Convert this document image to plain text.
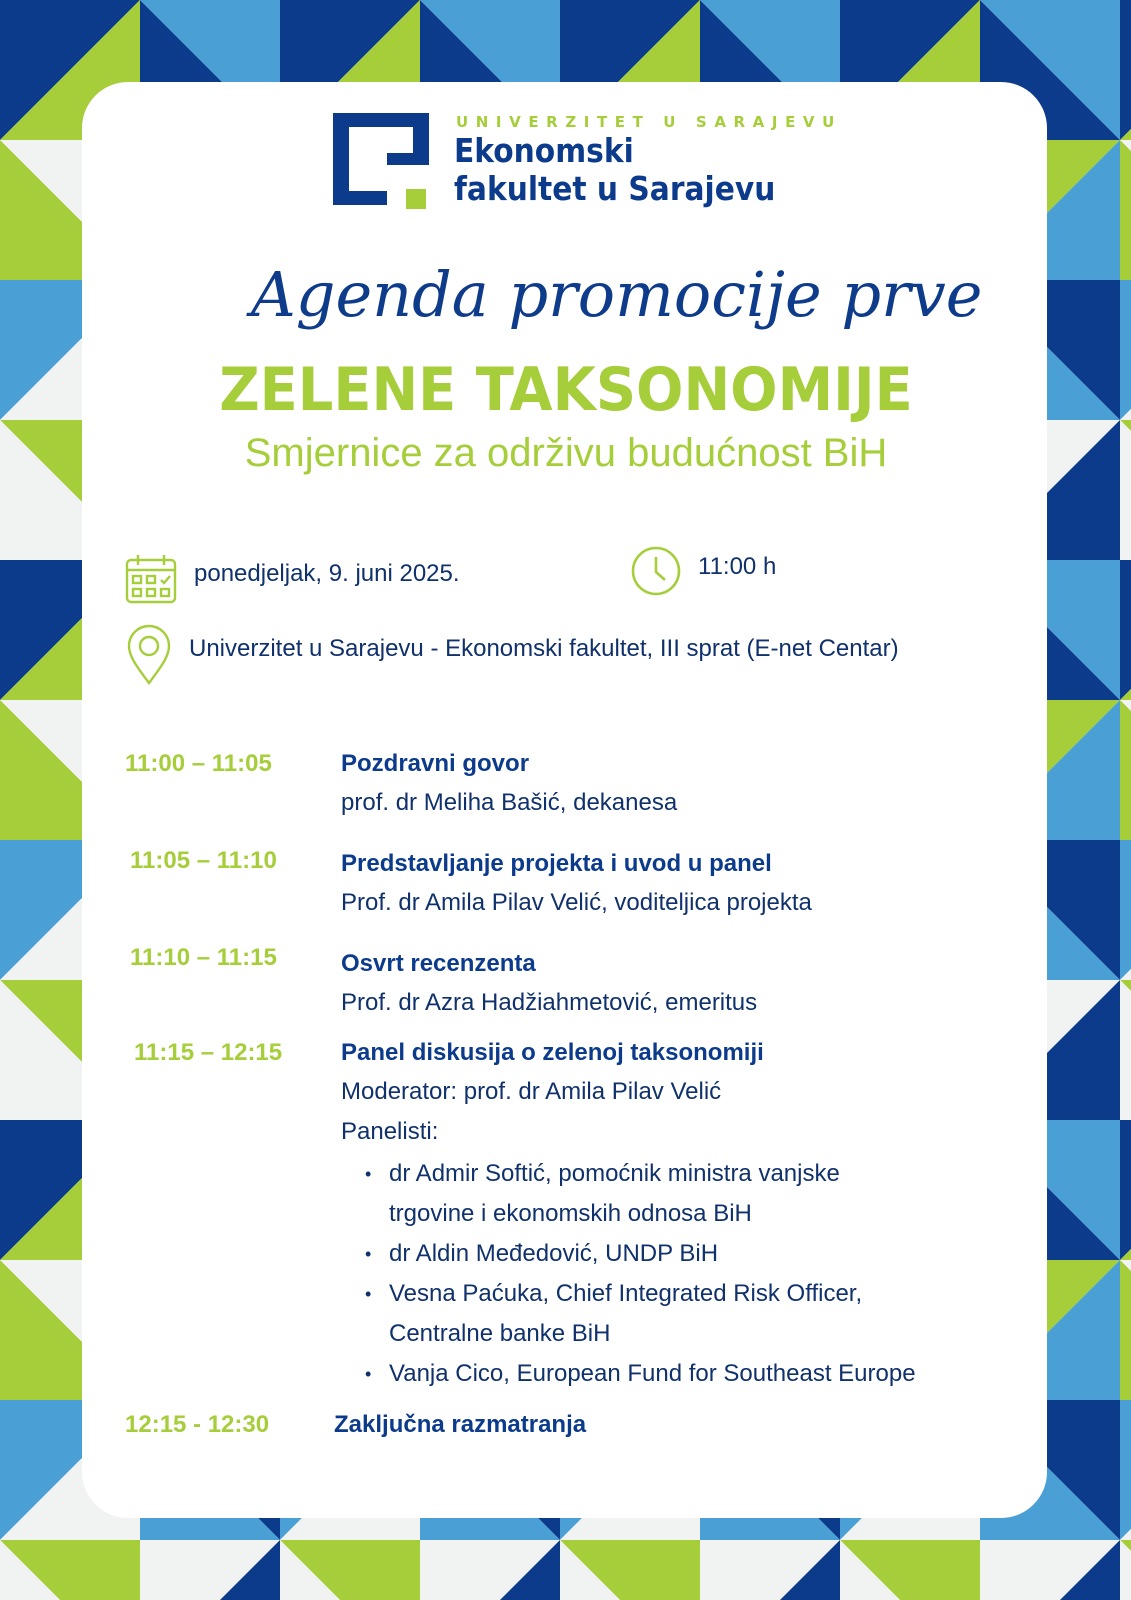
UNIVERZITET U SARAJEVU
Ekonomski
fakultet u Sarajevu
Agenda promocije prve
ZELENE TAKSONOMIJE
Smjernice za održivu budućnost BiH
ponedjeljak, 9. juni 2025.	11:00 h
Univerzitet u Sarajevu - Ekonomski fakultet, III sprat (E-net Centar)
11:00 – 11:05	Pozdravni govor
prof. dr Meliha Bašić, dekanesa
11:05 – 11:10	Predstavljanje projekta i uvod u panel
Prof. dr Amila Pilav Velić, voditeljica projekta
11:10 – 11:15	Osvrt recenzenta
Prof. dr Azra Hadžiahmetović, emeritus
11:15 – 12:15 Panel diskusija o zelenoj taksonomiji
Moderator: prof. dr Amila Pilav Velić
Panelisti:
• dr Admir Softić, pomoćnik ministra vanjske
trgovine i ekonomskih odnosa BiH
• dr Aldin Međedović, UNDP BiH
• Vesna Paćuka, Chief Integrated Risk Officer,
Centralne banke BiH
• Vanja Cico, European Fund for Southeast Europe
12:15 - 12:30	Zaključna razmatranja
